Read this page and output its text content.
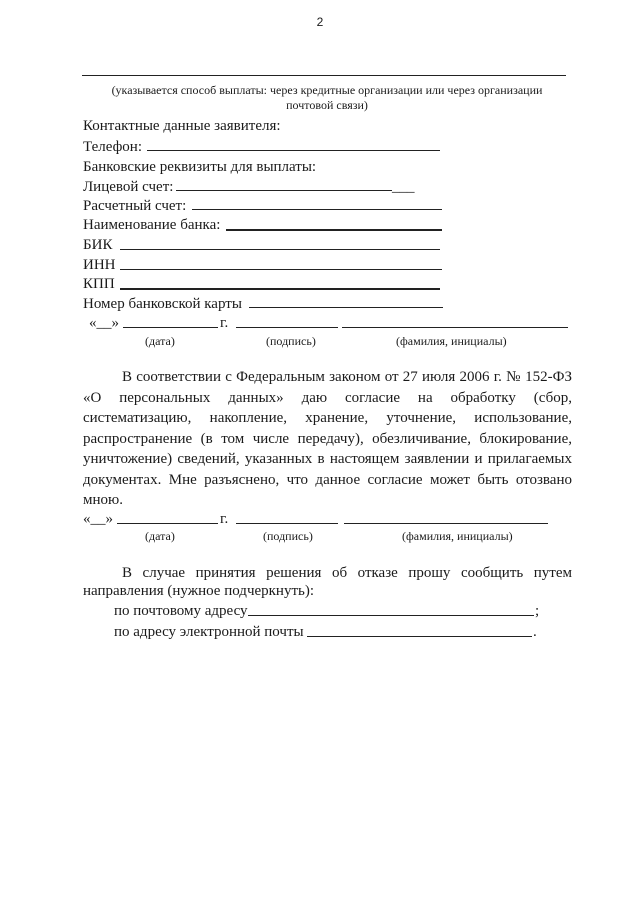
2
(указывается способ выплаты: через кредитные организации или через организации
почтовой связи)
Контактные данные заявителя:
Телефон:
Банковские реквизиты для выплаты:
Лицевой счет:	___
Расчетный счет:
Наименование банка:
БИК
ИНН
КПП
Номер банковской карты
«__»	г.
(дата)	(подпись)	(фамилия, инициалы)
В соответствии с Федеральным законом от 27 июля 2006 г. № 152-ФЗ
«О персональных данных» даю согласие на обработку (сбор,
систематизацию, накопление, хранение, уточнение, использование,
распространение (в том числе передачу), обезличивание, блокирование,
уничтожение) сведений, указанных в настоящем заявлении и прилагаемых
документах. Мне разъяснено, что данное согласие может быть отозвано
мною.
«__»	г.
(дата)	(подпись)	(фамилия, инициалы)
В случае принятия решения об отказе прошу сообщить путем
направления (нужное подчеркнуть):
по почтовому адресу	;
по адресу электронной почты	.
